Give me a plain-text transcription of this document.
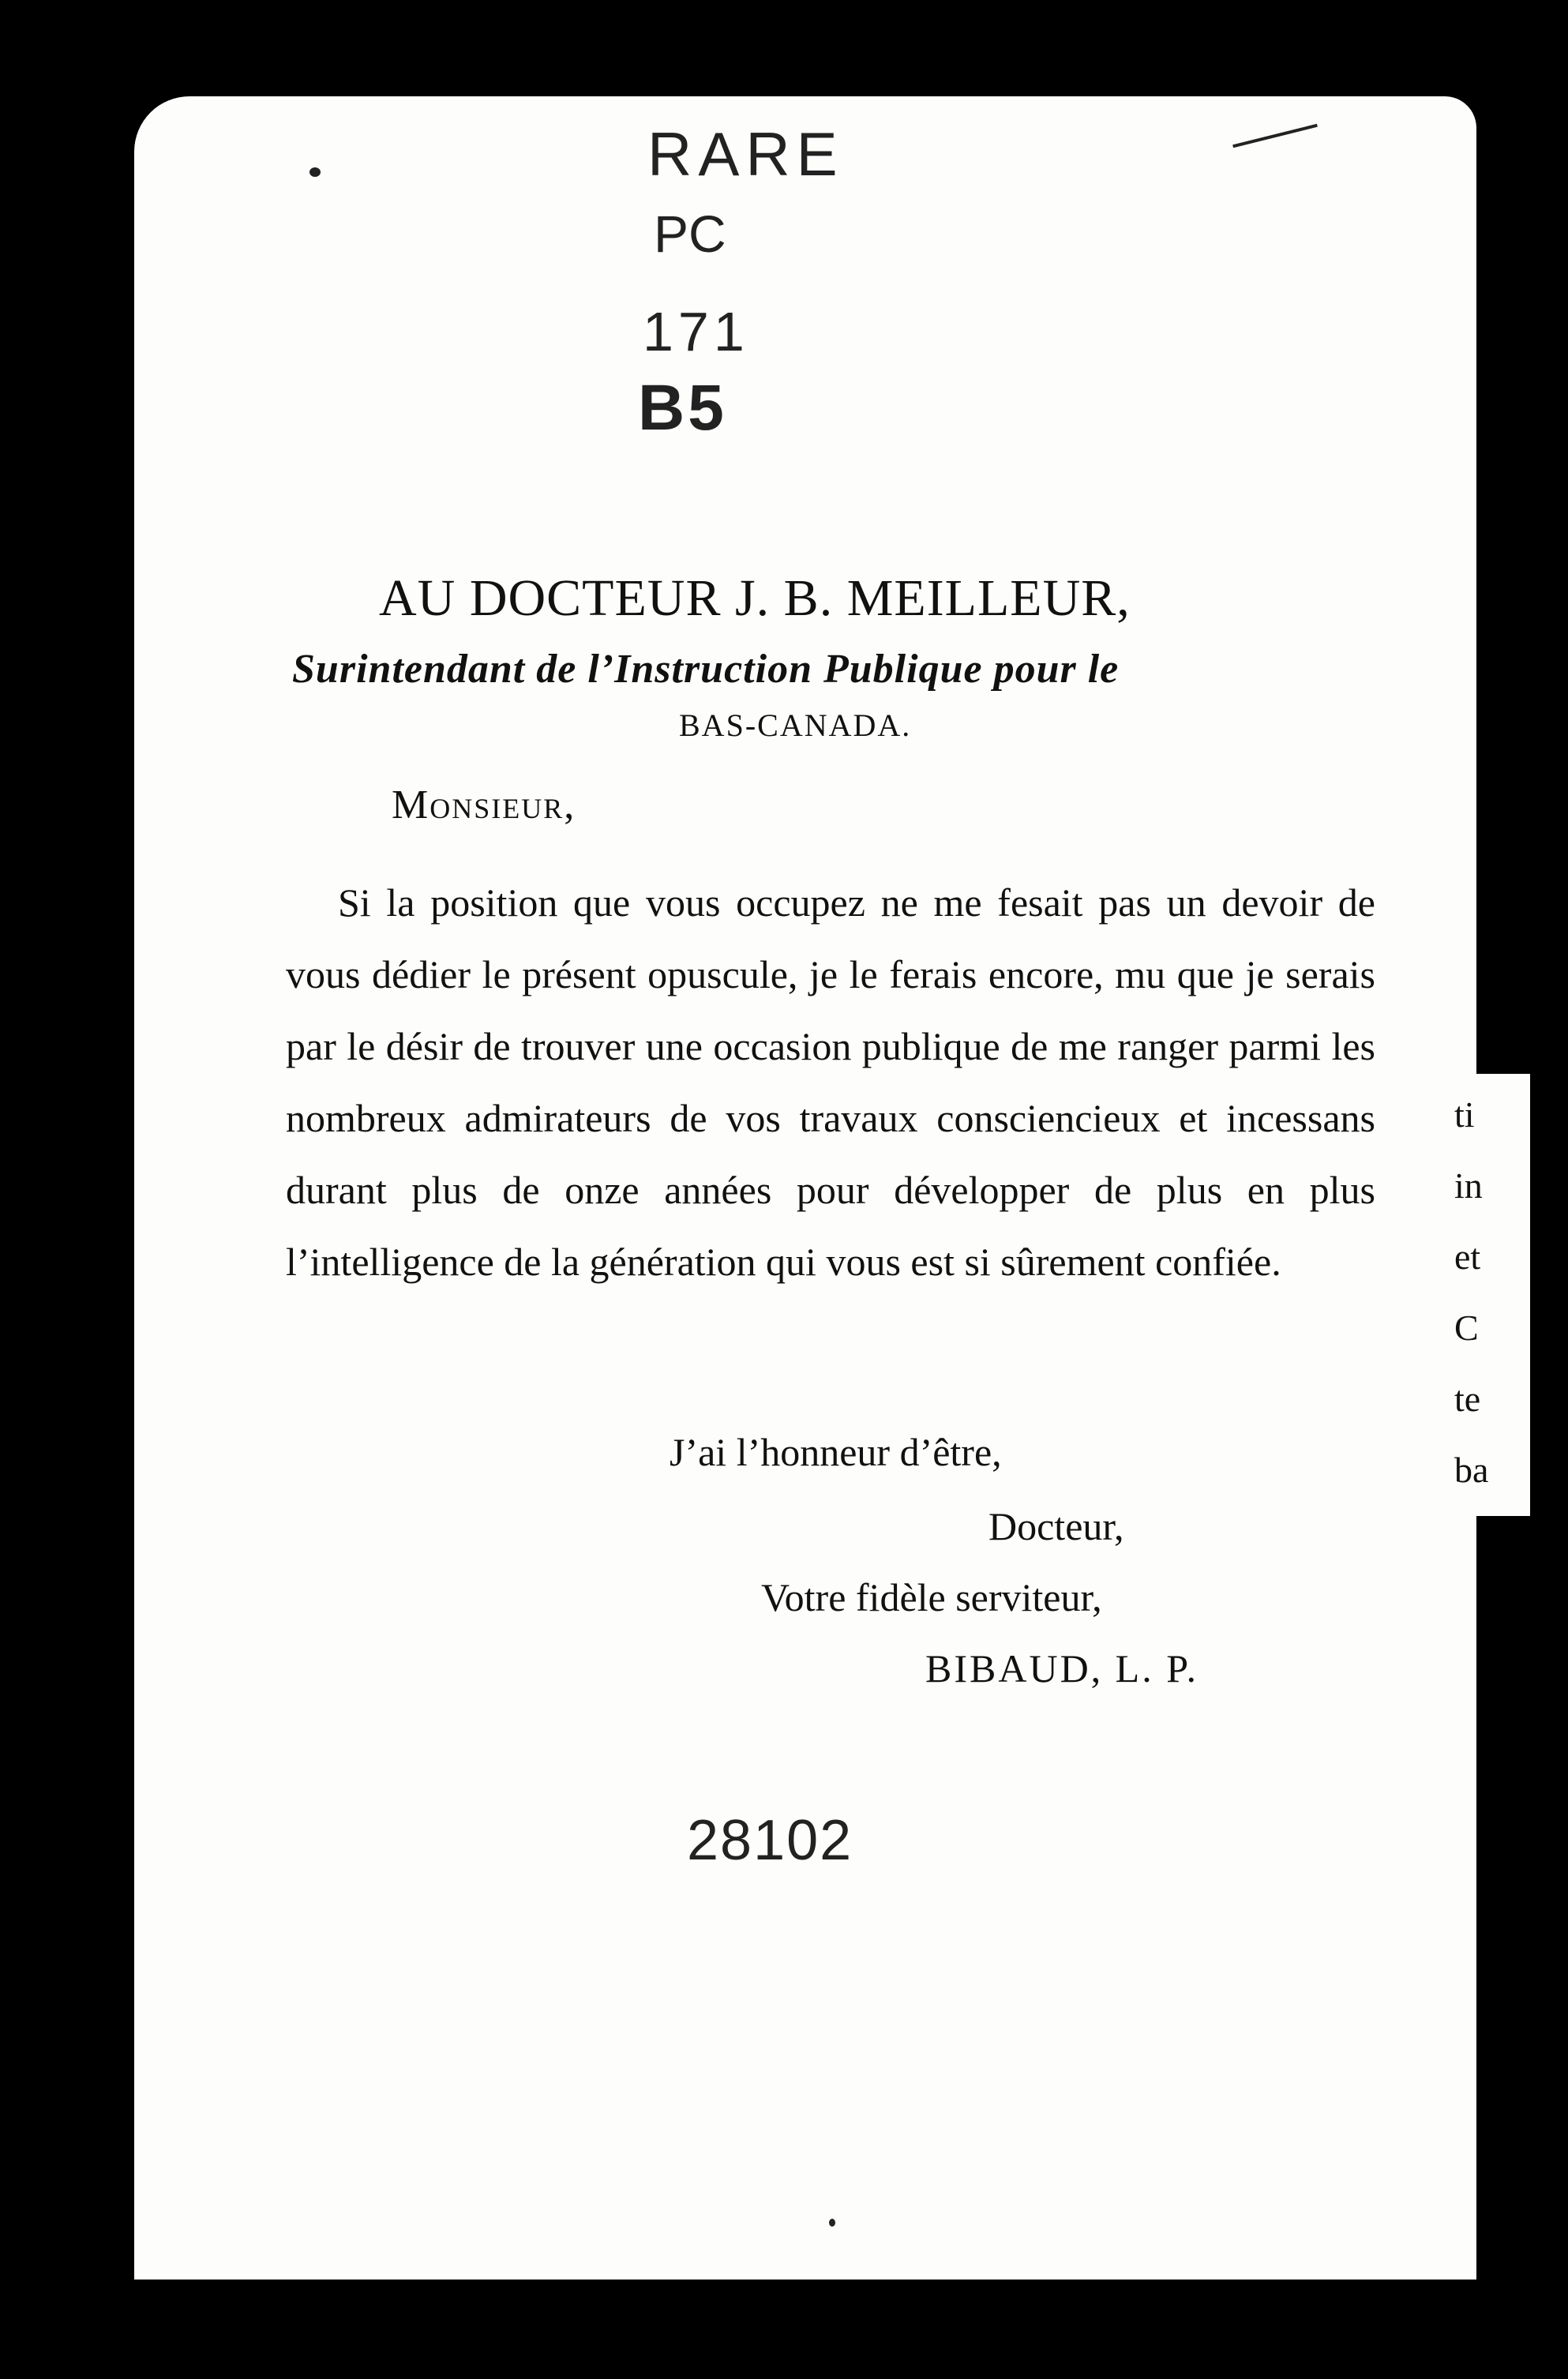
ti
in
et
C
te
ba
RARE
PC
171
B5
AU DOCTEUR J. B. MEILLEUR,
Surintendant de l’Instruction Publique pour le
BAS-CANADA.
Monsieur,
Si la position que vous occupez ne me fesait pas un devoir de vous dédier le présent opuscule, je le ferais encore, mu que je serais par le désir de trouver une occasion publique de me ranger parmi les nombreux admirateurs de vos travaux consciencieux et incessans durant plus de onze années pour développer de plus en plus l’intelligence de la génération qui vous est si sûrement confiée.
J’ai l’honneur d’être,
Docteur,
Votre fidèle serviteur,
BIBAUD, L. P.
28102
